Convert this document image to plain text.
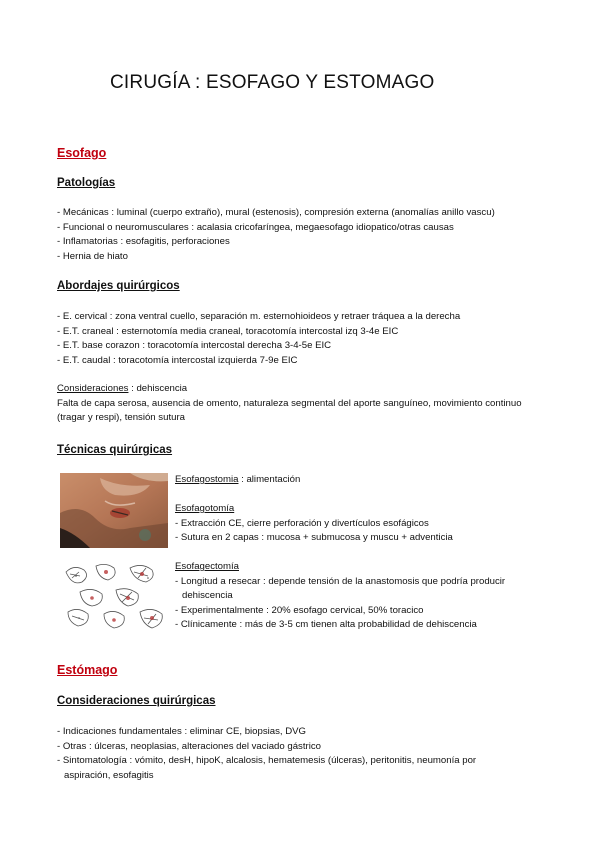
CIRUGÍA : ESOFAGO Y ESTOMAGO
Esofago
Patologías
- Mecánicas : luminal (cuerpo extraño), mural (estenosis), compresión externa (anomalías anillo vascu)
- Funcional o neuromusculares : acalasia cricofaríngea, megaesofago idiopatico/otras causas
- Inflamatorias : esofagitis, perforaciones
- Hernia de hiato
Abordajes quirúrgicos
- E. cervical : zona ventral cuello, separación m. esternohioideos y retraer tráquea a la derecha
- E.T. craneal : esternotomía media craneal, toracotomía intercostal izq 3-4e EIC
- E.T. base corazon : toracotomía intercostal derecha 3-4-5e EIC
- E.T. caudal : toracotomía intercostal izquierda 7-9e EIC
Consideraciones : dehiscencia
Falta de capa serosa, ausencia de omento, naturaleza segmental del aporte sanguíneo, movimiento continuo (tragar y respi), tensión sutura
Técnicas quirúrgicas
Esofagostomia : alimentación
Esofagotomía
- Extracción CE, cierre perforación y divertículos esofágicos
- Sutura en 2 capas : mucosa + submucosa y muscu + adventicia
Esofagectomía
- Longitud a resecar : depende tensión de la anastomosis que podría producir
dehiscencia
- Experimentalmente : 20% esofago cervical, 50% toracico
- Clínicamente : más de 3-5 cm tienen alta probabilidad de dehiscencia
Estómago
Consideraciones quirúrgicas
- Indicaciones fundamentales : eliminar CE, biopsias, DVG
- Otras : úlceras, neoplasias, alteraciones del vaciado gástrico
- Sintomatología : vómito, desH, hipoK, alcalosis, hematemesis (úlceras), peritonitis, neumonía por
aspiración, esofagitis
